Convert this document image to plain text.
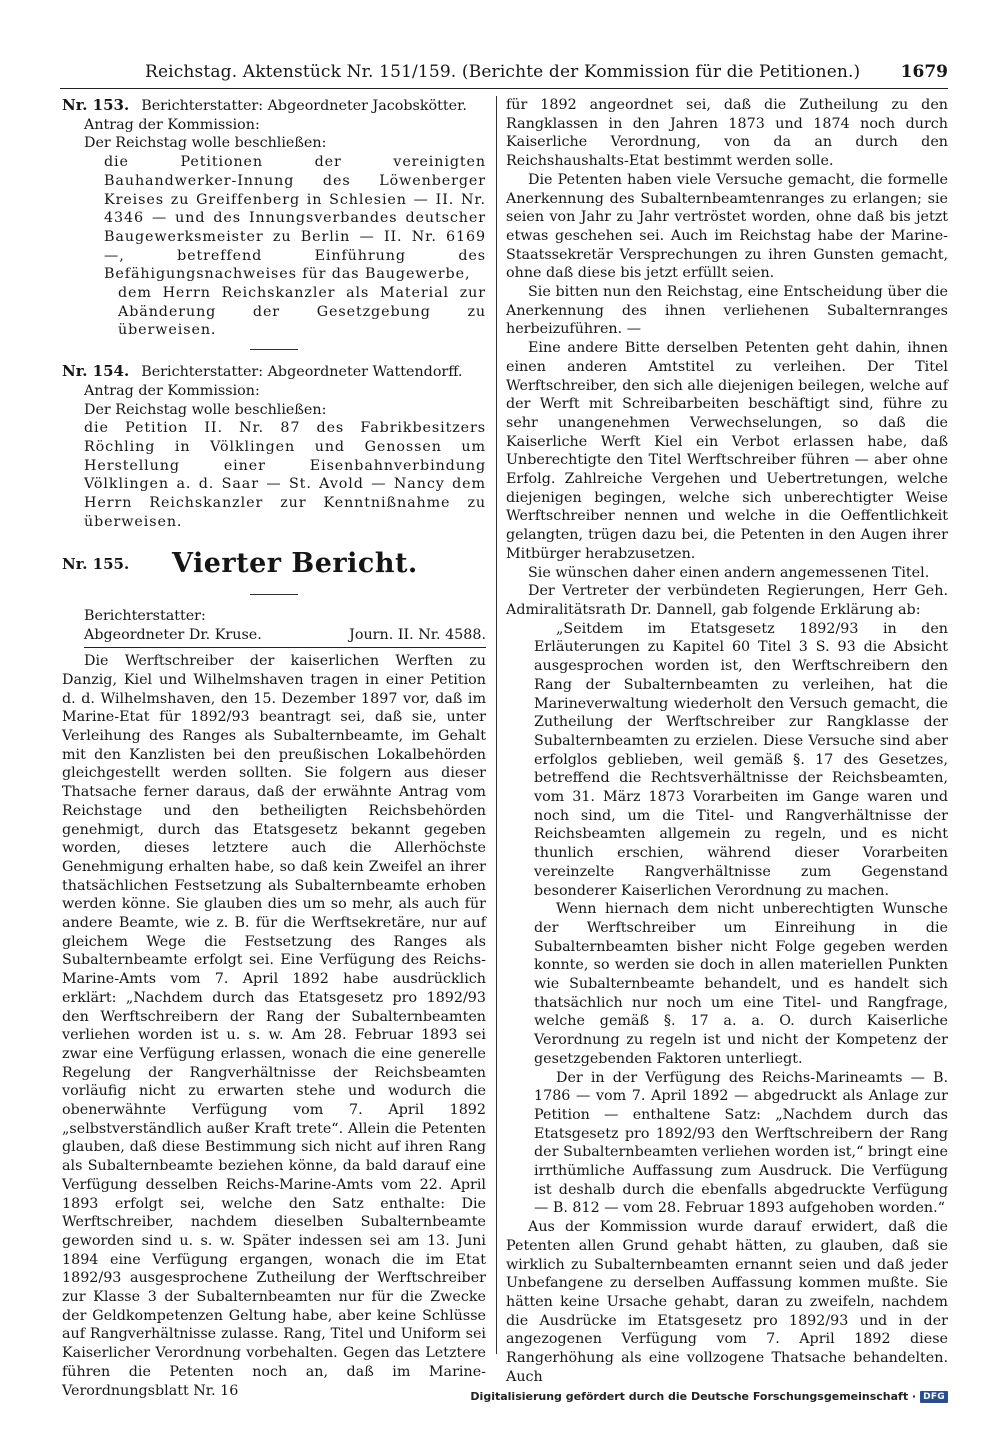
Reichstag. Aktenstück Nr. 151/159. (Berichte der Kommission für die Petitionen.) 1679

Nr. 153. Berichterstatter: Abgeordneter Jacobskötter.

Antrag der Kommission:

Der Reichstag wolle beschließen:

die Petitionen der vereinigten Bauhandwerker-Innung des Löwenberger Kreises zu Greiffenberg in Schlesien — II. Nr. 4346 — und des Innungsverbandes deutscher Baugewerksmeister zu Berlin — II. Nr. 6169 —, betreffend Einführung des Befähigungsnachweises für das Baugewerbe,

dem Herrn Reichskanzler als Material zur Abänderung der Gesetzgebung zu überweisen.

Nr. 154. Berichterstatter: Abgeordneter Wattendorff.

Antrag der Kommission:

Der Reichstag wolle beschließen:

die Petition II. Nr. 87 des Fabrikbesitzers Röchling in Völklingen und Genossen um Herstellung einer Eisenbahnverbindung Völklingen a. d. Saar — St. Avold — Nancy dem Herrn Reichskanzler zur Kenntnißnahme zu überweisen.

Nr. 155. Vierter Bericht.

Berichterstatter:

Abgeordneter Dr. Kruse.	Journ. II. Nr. 4588.

Die Werftschreiber der kaiserlichen Werften zu Danzig, Kiel und Wilhelmshaven tragen in einer Petition d. d. Wilhelmshaven, den 15. Dezember 1897 vor, daß im Marine-Etat für 1892/93 beantragt sei, daß sie, unter Verleihung des Ranges als Subalternbeamte, im Gehalt mit den Kanzlisten bei den preußischen Lokalbehörden gleichgestellt werden sollten. Sie folgern aus dieser Thatsache ferner daraus, daß der erwähnte Antrag vom Reichstage und den betheiligten Reichsbehörden genehmigt, durch das Etatsgesetz bekannt gegeben worden, dieses letztere auch die Allerhöchste Genehmigung erhalten habe, so daß kein Zweifel an ihrer thatsächlichen Festsetzung als Subalternbeamte erhoben werden könne. Sie glauben dies um so mehr, als auch für andere Beamte, wie z. B. für die Werftsekretäre, nur auf gleichem Wege die Festsetzung des Ranges als Subalternbeamte erfolgt sei. Eine Verfügung des Reichs-Marine-Amts vom 7. April 1892 habe ausdrücklich erklärt: „Nachdem durch das Etatsgesetz pro 1892/93 den Werftschreibern der Rang der Subalternbeamten verliehen worden ist u. s. w. Am 28. Februar 1893 sei zwar eine Verfügung erlassen, wonach die eine generelle Regelung der Rangverhältnisse der Reichsbeamten vorläufig nicht zu erwarten stehe und wodurch die obenerwähnte Verfügung vom 7. April 1892 „selbstverständlich außer Kraft trete“. Allein die Petenten glauben, daß diese Bestimmung sich nicht auf ihren Rang als Subalternbeamte beziehen könne, da bald darauf eine Verfügung desselben Reichs-Marine-Amts vom 22. April 1893 erfolgt sei, welche den Satz enthalte: Die Werftschreiber, nachdem dieselben Subalternbeamte geworden sind u. s. w. Später indessen sei am 13. Juni 1894 eine Verfügung ergangen, wonach die im Etat 1892/93 ausgesprochene Zutheilung der Werftschreiber zur Klasse 3 der Subalternbeamten nur für die Zwecke der Geldkompetenzen Geltung habe, aber keine Schlüsse auf Rangverhältnisse zulasse. Rang, Titel und Uniform sei Kaiserlicher Verordnung vorbehalten. Gegen das Letztere führen die Petenten noch an, daß im Marine-Verordnungsblatt Nr. 16

für 1892 angeordnet sei, daß die Zutheilung zu den Rangklassen in den Jahren 1873 und 1874 noch durch Kaiserliche Verordnung, von da an durch den Reichshaushalts-Etat bestimmt werden solle.

Die Petenten haben viele Versuche gemacht, die formelle Anerkennung des Subalternbeamtenranges zu erlangen; sie seien von Jahr zu Jahr vertröstet worden, ohne daß bis jetzt etwas geschehen sei. Auch im Reichstag habe der Marine-Staatssekretär Versprechungen zu ihren Gunsten gemacht, ohne daß diese bis jetzt erfüllt seien.

Sie bitten nun den Reichstag, eine Entscheidung über die Anerkennung des ihnen verliehenen Subalternranges herbeizuführen. —

Eine andere Bitte derselben Petenten geht dahin, ihnen einen anderen Amtstitel zu verleihen. Der Titel Werftschreiber, den sich alle diejenigen beilegen, welche auf der Werft mit Schreibarbeiten beschäftigt sind, führe zu sehr unangenehmen Verwechselungen, so daß die Kaiserliche Werft Kiel ein Verbot erlassen habe, daß Unberechtigte den Titel Werftschreiber führen — aber ohne Erfolg. Zahlreiche Vergehen und Uebertretungen, welche diejenigen begingen, welche sich unberechtigter Weise Werftschreiber nennen und welche in die Oeffentlichkeit gelangten, trügen dazu bei, die Petenten in den Augen ihrer Mitbürger herabzusetzen.

Sie wünschen daher einen andern angemessenen Titel.

Der Vertreter der verbündeten Regierungen, Herr Geh. Admiralitätsrath Dr. Dannell, gab folgende Erklärung ab:

„Seitdem im Etatsgesetz 1892/93 in den Erläuterungen zu Kapitel 60 Titel 3 S. 93 die Absicht ausgesprochen worden ist, den Werftschreibern den Rang der Subalternbeamten zu verleihen, hat die Marineverwaltung wiederholt den Versuch gemacht, die Zutheilung der Werftschreiber zur Rangklasse der Subalternbeamten zu erzielen. Diese Versuche sind aber erfolglos geblieben, weil gemäß §. 17 des Gesetzes, betreffend die Rechtsverhältnisse der Reichsbeamten, vom 31. März 1873 Vorarbeiten im Gange waren und noch sind, um die Titel- und Rangverhältnisse der Reichsbeamten allgemein zu regeln, und es nicht thunlich erschien, während dieser Vorarbeiten vereinzelte Rangverhältnisse zum Gegenstand besonderer Kaiserlichen Verordnung zu machen.

Wenn hiernach dem nicht unberechtigten Wunsche der Werftschreiber um Einreihung in die Subalternbeamten bisher nicht Folge gegeben werden konnte, so werden sie doch in allen materiellen Punkten wie Subalternbeamte behandelt, und es handelt sich thatsächlich nur noch um eine Titel- und Rangfrage, welche gemäß §. 17 a. a. O. durch Kaiserliche Verordnung zu regeln ist und nicht der Kompetenz der gesetzgebenden Faktoren unterliegt.

Der in der Verfügung des Reichs-Marineamts — B. 1786 — vom 7. April 1892 — abgedruckt als Anlage zur Petition — enthaltene Satz: „Nachdem durch das Etatsgesetz pro 1892/93 den Werftschreibern der Rang der Subalternbeamten verliehen worden ist,“ bringt eine irrthümliche Auffassung zum Ausdruck. Die Verfügung ist deshalb durch die ebenfalls abgedruckte Verfügung — B. 812 — vom 28. Februar 1893 aufgehoben worden.“

Aus der Kommission wurde darauf erwidert, daß die Petenten allen Grund gehabt hätten, zu glauben, daß sie wirklich zu Subalternbeamten ernannt seien und daß jeder Unbefangene zu derselben Auffassung kommen mußte. Sie hätten keine Ursache gehabt, daran zu zweifeln, nachdem die Ausdrücke im Etatsgesetz pro 1892/93 und in der angezogenen Verfügung vom 7. April 1892 diese Rangerhöhung als eine vollzogene Thatsache behandelten. Auch

Digitalisierung gefördert durch die Deutsche Forschungsgemeinschaft · DFG
